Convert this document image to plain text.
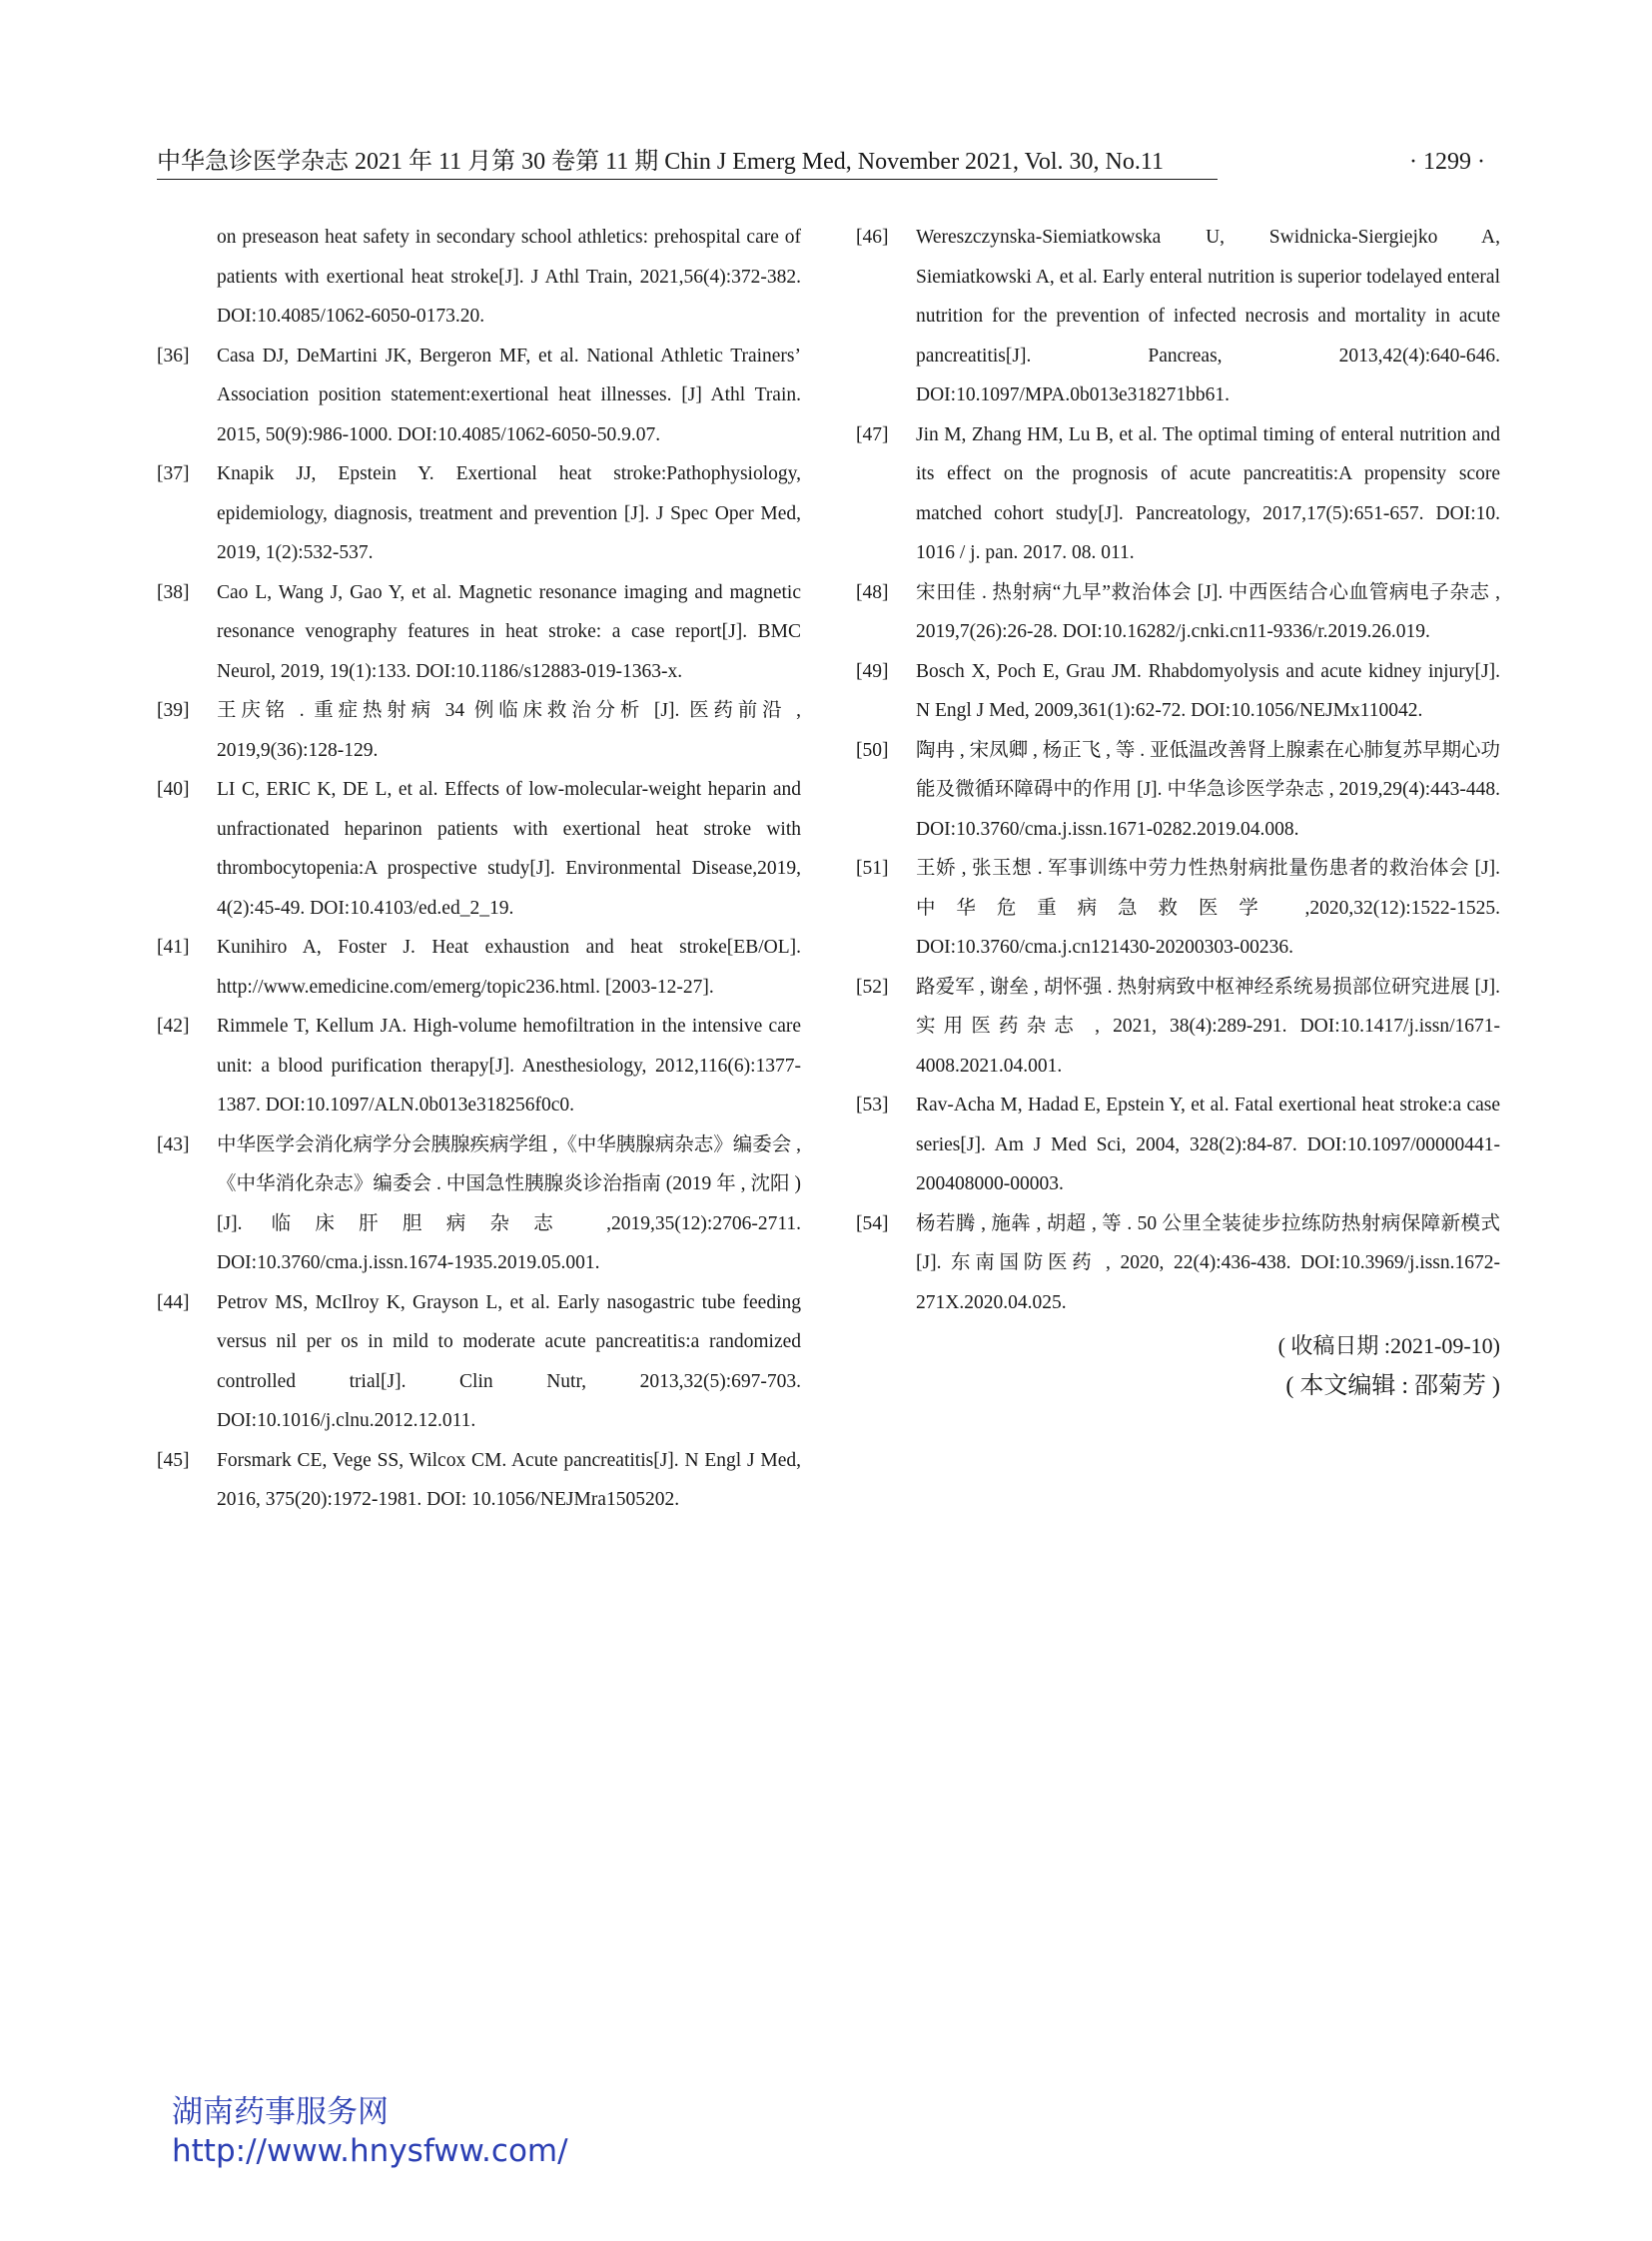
中华急诊医学杂志 2021 年 11 月第 30 卷第 11 期 Chin J Emerg Med, November 2021, Vol. 30, No.11	· 1299 ·
on preseason heat safety in secondary school athletics: prehospital care of patients with exertional heat stroke[J]. J Athl Train, 2021,56(4):372-382. DOI:10.4085/1062-6050-0173.20.
[36]	Casa DJ, DeMartini JK, Bergeron MF, et al. National Athletic Trainers’ Association position statement:exertional heat illnesses. [J] Athl Train. 2015, 50(9):986-1000. DOI:10.4085/1062-6050-50.9.07.
[37]	Knapik JJ, Epstein Y. Exertional heat stroke:Pathophysiology, epidemiology, diagnosis, treatment and prevention [J]. J Spec Oper Med, 2019, 1(2):532-537.
[38]	Cao L, Wang J, Gao Y, et al. Magnetic resonance imaging and magnetic resonance venography features in heat stroke: a case report[J]. BMC Neurol, 2019, 19(1):133. DOI:10.1186/s12883-019-1363-x.
[39]	王庆铭 . 重症热射病 34 例临床救治分析 [J]. 医药前沿 , 2019,9(36):128-129.
[40]	LI C, ERIC K, DE L, et al. Effects of low-molecular-weight heparin and unfractionated heparinon patients with exertional heat stroke with thrombocytopenia:A prospective study[J]. Environmental Disease,2019, 4(2):45-49. DOI:10.4103/ed.ed_2_19.
[41]	Kunihiro A, Foster J. Heat exhaustion and heat stroke[EB/OL]. http://www.emedicine.com/emerg/topic236.html. [2003-12-27].
[42]	Rimmele T, Kellum JA. High-volume hemofiltration in the intensive care unit: a blood purification therapy[J]. Anesthesiology, 2012,116(6):1377-1387. DOI:10.1097/ALN.0b013e318256f0c0.
[43]	中华医学会消化病学分会胰腺疾病学组 ,《中华胰腺病杂志》编委会 ,《中华消化杂志》编委会 . 中国急性胰腺炎诊治指南 (2019 年 , 沈阳 )[J]. 临床肝胆病杂志 ,2019,35(12):2706-2711. DOI:10.3760/cma.j.issn.1674-1935.2019.05.001.
[44]	Petrov MS, McIlroy K, Grayson L, et al. Early nasogastric tube feeding versus nil per os in mild to moderate acute pancreatitis:a randomized controlled trial[J]. Clin Nutr, 2013,32(5):697-703. DOI:10.1016/j.clnu.2012.12.011.
[45]	Forsmark CE, Vege SS, Wilcox CM. Acute pancreatitis[J]. N Engl J Med, 2016, 375(20):1972-1981. DOI: 10.1056/NEJMra1505202.
[46]	Wereszczynska-Siemiatkowska U, Swidnicka-Siergiejko A, Siemiatkowski A, et al. Early enteral nutrition is superior todelayed enteral nutrition for the prevention of infected necrosis and mortality in acute pancreatitis[J]. Pancreas, 2013,42(4):640-646. DOI:10.1097/MPA.0b013e318271bb61.
[47]	Jin M, Zhang HM, Lu B, et al. The optimal timing of enteral nutrition and its effect on the prognosis of acute pancreatitis:A propensity score matched cohort study[J]. Pancreatology, 2017,17(5):651-657. DOI:10. 1016 / j. pan. 2017. 08. 011.
[48]	宋田佳 . 热射病“九早”救治体会 [J]. 中西医结合心血管病电子杂志 , 2019,7(26):26-28. DOI:10.16282/j.cnki.cn11-9336/r.2019.26.019.
[49]	Bosch X, Poch E, Grau JM. Rhabdomyolysis and acute kidney injury[J]. N Engl J Med, 2009,361(1):62-72. DOI:10.1056/NEJMx110042.
[50]	陶冉 , 宋凤卿 , 杨正飞 , 等 . 亚低温改善肾上腺素在心肺复苏早期心功能及微循环障碍中的作用 [J]. 中华急诊医学杂志 , 2019,29(4):443-448. DOI:10.3760/cma.j.issn.1671-0282.2019.04.008.
[51]	王娇 , 张玉想 . 军事训练中劳力性热射病批量伤患者的救治体会 [J]. 中华危重病急救医学 ,2020,32(12):1522-1525. DOI:10.3760/cma.j.cn121430-20200303-00236.
[52]	路爱军 , 谢垒 , 胡怀强 . 热射病致中枢神经系统易损部位研究进展 [J]. 实用医药杂志 , 2021, 38(4):289-291. DOI:10.1417/j.issn/1671-4008.2021.04.001.
[53]	Rav-Acha M, Hadad E, Epstein Y, et al. Fatal exertional heat stroke:a case series[J]. Am J Med Sci, 2004, 328(2):84-87. DOI:10.1097/00000441-200408000-00003.
[54]	杨若腾 , 施犇 , 胡超 , 等 . 50 公里全装徒步拉练防热射病保障新模式 [J]. 东南国防医药 , 2020, 22(4):436-438. DOI:10.3969/j.issn.1672-271X.2020.04.025.
( 收稿日期 :2021-09-10)
( 本文编辑 : 邵菊芳 )
湖南药事服务网
http://www.hnysfww.com/
